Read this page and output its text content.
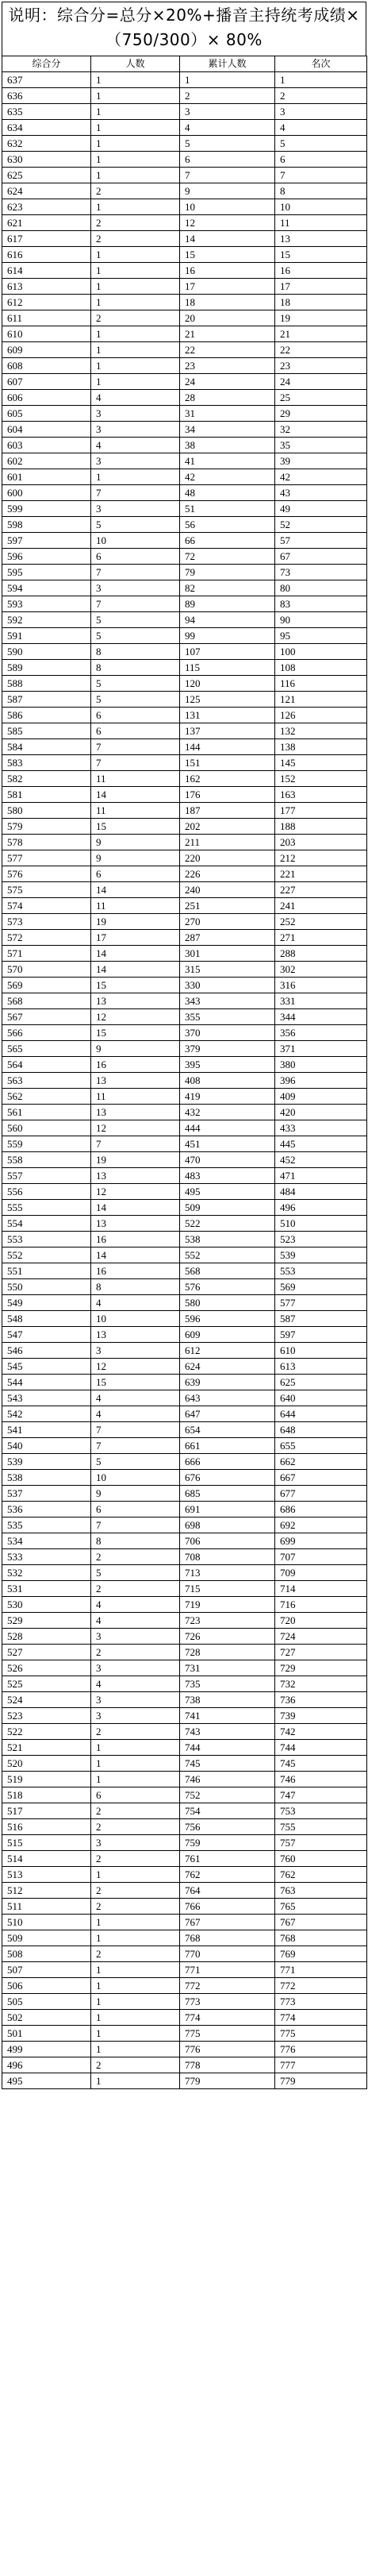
说明：综合分=总分×20%+播音主持统考成绩×（750/300）× 80%
综合分	人数	累计人数	名次
637	1	1	1
636	1	2	2
635	1	3	3
634	1	4	4
632	1	5	5
630	1	6	6
625	1	7	7
624	2	9	8
623	1	10	10
621	2	12	11
617	2	14	13
616	1	15	15
614	1	16	16
613	1	17	17
612	1	18	18
611	2	20	19
610	1	21	21
609	1	22	22
608	1	23	23
607	1	24	24
606	4	28	25
605	3	31	29
604	3	34	32
603	4	38	35
602	3	41	39
601	1	42	42
600	7	48	43
599	3	51	49
598	5	56	52
597	10	66	57
596	6	72	67
595	7	79	73
594	3	82	80
593	7	89	83
592	5	94	90
591	5	99	95
590	8	107	100
589	8	115	108
588	5	120	116
587	5	125	121
586	6	131	126
585	6	137	132
584	7	144	138
583	7	151	145
582	11	162	152
581	14	176	163
580	11	187	177
579	15	202	188
578	9	211	203
577	9	220	212
576	6	226	221
575	14	240	227
574	11	251	241
573	19	270	252
572	17	287	271
571	14	301	288
570	14	315	302
569	15	330	316
568	13	343	331
567	12	355	344
566	15	370	356
565	9	379	371
564	16	395	380
563	13	408	396
562	11	419	409
561	13	432	420
560	12	444	433
559	7	451	445
558	19	470	452
557	13	483	471
556	12	495	484
555	14	509	496
554	13	522	510
553	16	538	523
552	14	552	539
551	16	568	553
550	8	576	569
549	4	580	577
548	10	596	587
547	13	609	597
546	3	612	610
545	12	624	613
544	15	639	625
543	4	643	640
542	4	647	644
541	7	654	648
540	7	661	655
539	5	666	662
538	10	676	667
537	9	685	677
536	6	691	686
535	7	698	692
534	8	706	699
533	2	708	707
532	5	713	709
531	2	715	714
530	4	719	716
529	4	723	720
528	3	726	724
527	2	728	727
526	3	731	729
525	4	735	732
524	3	738	736
523	3	741	739
522	2	743	742
521	1	744	744
520	1	745	745
519	1	746	746
518	6	752	747
517	2	754	753
516	2	756	755
515	3	759	757
514	2	761	760
513	1	762	762
512	2	764	763
511	2	766	765
510	1	767	767
509	1	768	768
508	2	770	769
507	1	771	771
506	1	772	772
505	1	773	773
502	1	774	774
501	1	775	775
499	1	776	776
496	2	778	777
495	1	779	779
